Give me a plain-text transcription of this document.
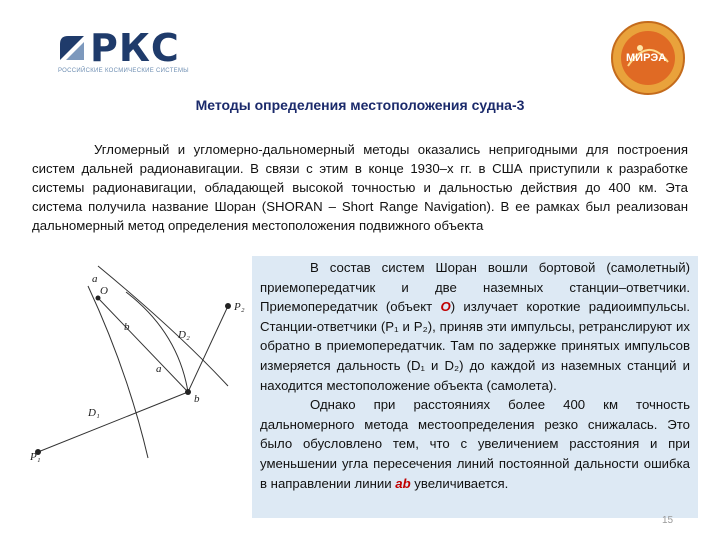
РКС
РОССИЙСКИЕ КОСМИЧЕСКИЕ СИСТЕМЫ
МИРЭА
Методы определения местоположения судна-3
Угломерный и угломерно-дальномерный методы оказались непригодными для построения систем дальней радионавигации. В связи с этим в конце 1930–х гг. в США приступили к разработке системы радионавигации, обладающей высокой точностью и дальностью действия до 400 км. Эта система получила название Шоран (SHORAN – Short Range Navigation). В ее рамках был реализован дальномерный метод определения местоположения подвижного объекта
a
b
O
P₁
P₂
D₁
D₂
a
b

В состав систем Шоран вошли бортовой (самолетный) приемопередатчик и две наземных станции–ответчики. Приемопередатчик (объект О) излучает короткие радиоимпульсы. Станции-ответчики (P₁ и P₂), приняв эти импульсы, ретранслируют их обратно в приемопередатчик. Там по задержке принятых импульсов измеряется дальность (D₁ и D₂) до каждой из наземных станций и находится местоположение объекта (самолета).

Однако при расстояниях более 400 км точность дальномерного метода местоопределения резко снижалась. Это было обусловлено тем, что с увеличением расстояния и при уменьшении угла пересечения линий постоянной дальности ошибка в направлении линии ab увеличивается.

15
